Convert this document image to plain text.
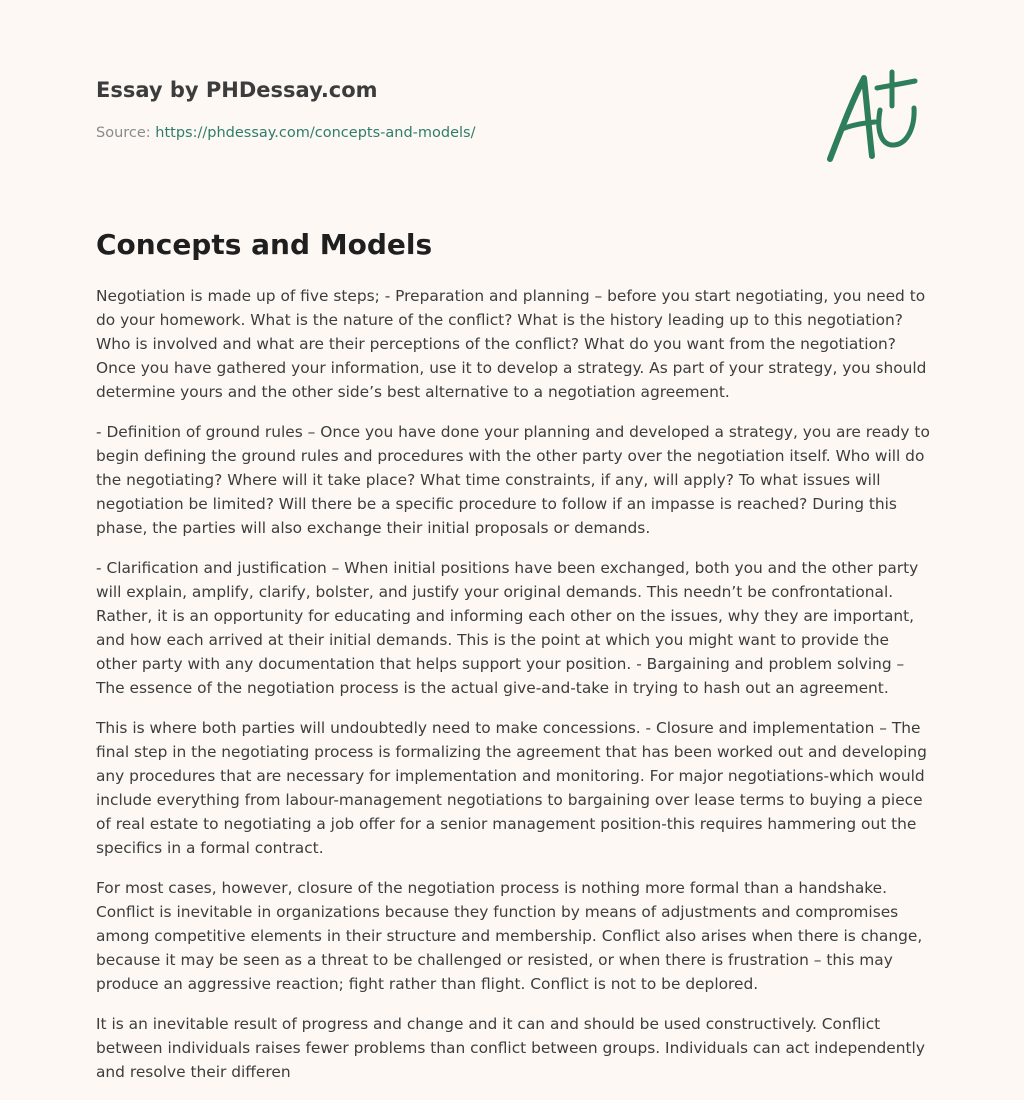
Essay by PHDessay.com

Source: https://phdessay.com/concepts-and-models/
Concepts and Models

Negotiation is made up of five steps; - Preparation and planning – before you start negotiating, you need to do your homework. What is the nature of the conflict? What is the history leading up to this negotiation? Who is involved and what are their perceptions of the conflict? What do you want from the negotiation? Once you have gathered your information, use it to develop a strategy. As part of your strategy, you should determine yours and the other side’s best alternative to a negotiation agreement.

- Definition of ground rules – Once you have done your planning and developed a strategy, you are ready to begin defining the ground rules and procedures with the other party over the negotiation itself. Who will do the negotiating? Where will it take place? What time constraints, if any, will apply? To what issues will negotiation be limited? Will there be a specific procedure to follow if an impasse is reached? During this phase, the parties will also exchange their initial proposals or demands.

- Clarification and justification – When initial positions have been exchanged, both you and the other party will explain, amplify, clarify, bolster, and justify your original demands. This needn’t be confrontational. Rather, it is an opportunity for educating and informing each other on the issues, why they are important, and how each arrived at their initial demands. This is the point at which you might want to provide the other party with any documentation that helps support your position. - Bargaining and problem solving – The essence of the negotiation process is the actual give-and-take in trying to hash out an agreement.

This is where both parties will undoubtedly need to make concessions. - Closure and implementation – The final step in the negotiating process is formalizing the agreement that has been worked out and developing any procedures that are necessary for implementation and monitoring. For major negotiations-which would include everything from labour-management negotiations to bargaining over lease terms to buying a piece of real estate to negotiating a job offer for a senior management position-this requires hammering out the specifics in a formal contract.

For most cases, however, closure of the negotiation process is nothing more formal than a handshake. Conflict is inevitable in organizations because they function by means of adjustments and compromises among competitive elements in their structure and membership. Conflict also arises when there is change, because it may be seen as a threat to be challenged or resisted, or when there is frustration – this may produce an aggressive reaction; fight rather than flight. Conflict is not to be deplored.

It is an inevitable result of progress and change and it can and should be used constructively. Conflict between individuals raises fewer problems than conflict between groups. Individuals can act independently and resolve their differen
